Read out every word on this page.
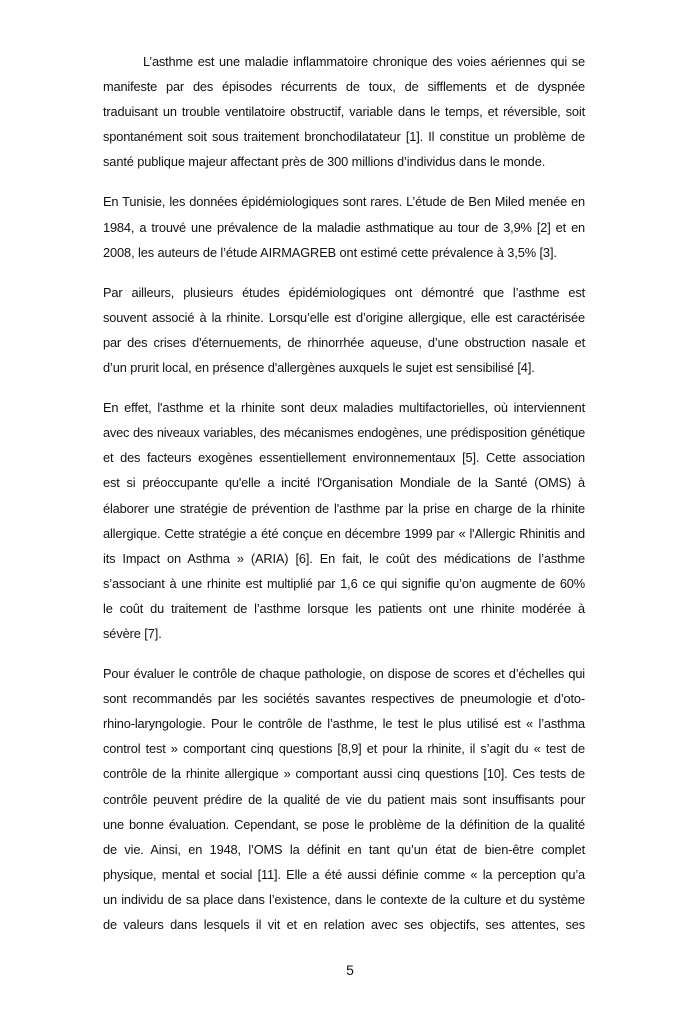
L’asthme est une maladie inflammatoire chronique des voies aériennes qui se
manifeste par des épisodes récurrents de toux, de sifflements et de dyspnée
traduisant un trouble ventilatoire obstructif, variable dans le temps, et réversible, soit
spontanément soit sous traitement bronchodilatateur [1]. Il constitue un problème de
santé publique majeur affectant près de 300 millions d’individus dans le monde.
En Tunisie, les données épidémiologiques sont rares. L’étude de Ben Miled menée en
1984, a trouvé une prévalence de la maladie asthmatique au tour de 3,9% [2] et en
2008, les auteurs de l’étude AIRMAGREB ont estimé cette prévalence à 3,5% [3].
Par ailleurs, plusieurs études épidémiologiques ont démontré que l’asthme est
souvent associé à la rhinite. Lorsqu’elle est d’origine allergique, elle est caractérisée
par des crises d'éternuements, de rhinorrhée aqueuse, d’une obstruction nasale et
d’un prurit local, en présence d'allergènes auxquels le sujet est sensibilisé [4].
En effet, l'asthme et la rhinite sont deux maladies multifactorielles, où interviennent
avec des niveaux variables, des mécanismes endogènes, une prédisposition génétique
et des facteurs exogènes essentiellement environnementaux [5]. Cette association
est si préoccupante qu'elle a incité l'Organisation Mondiale de la Santé (OMS) à
élaborer une stratégie de prévention de l'asthme par la prise en charge de la rhinite
allergique. Cette stratégie a été conçue en décembre 1999 par « l'Allergic Rhinitis and
its Impact on Asthma » (ARIA) [6]. En fait, le coût des médications de l’asthme
s’associant à une rhinite est multiplié par 1,6 ce qui signifie qu’on augmente de 60%
le coût du traitement de l’asthme lorsque les patients ont une rhinite modérée à
sévère [7].
Pour évaluer le contrôle de chaque pathologie, on dispose de scores et d’échelles qui
sont recommandés par les sociétés savantes respectives de pneumologie et d’oto-
rhino-laryngologie. Pour le contrôle de l’asthme, le test le plus utilisé est « l’asthma
control test » comportant cinq questions [8,9] et pour la rhinite, il s’agit du « test de
contrôle de la rhinite allergique » comportant aussi cinq questions [10]. Ces tests de
contrôle peuvent prédire de la qualité de vie du patient mais sont insuffisants pour
une bonne évaluation. Cependant, se pose le problème de la définition de la qualité
de vie. Ainsi, en 1948, l’OMS la définit en tant qu’un état de bien-être complet
physique, mental et social [11]. Elle a été aussi définie comme « la perception qu’a
un individu de sa place dans l’existence, dans le contexte de la culture et du système
de valeurs dans lesquels il vit et en relation avec ses objectifs, ses attentes, ses
5
